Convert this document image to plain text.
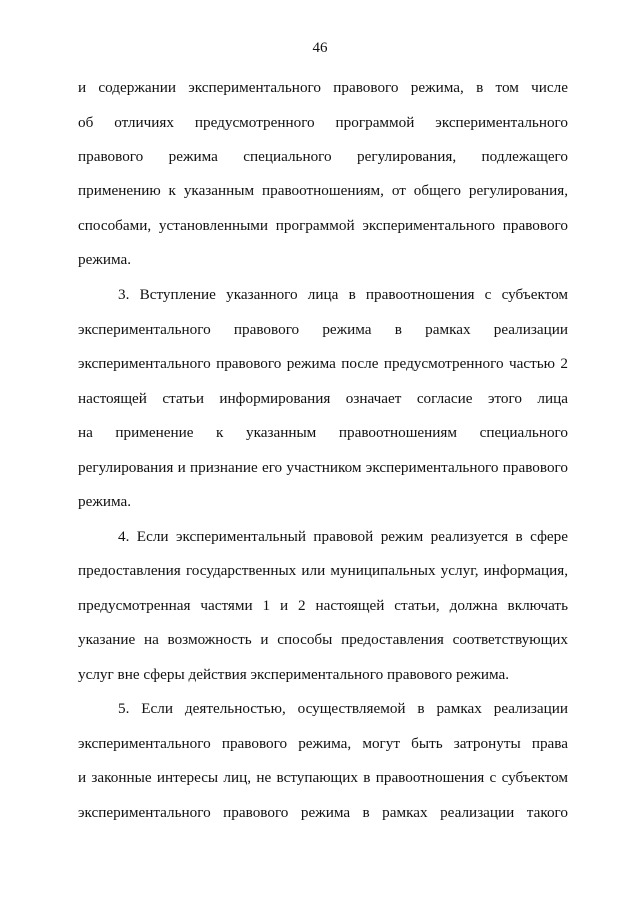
46
и содержании экспериментального правового режима, в том числе
об отличиях предусмотренного программой экспериментального
правового режима специального регулирования, подлежащего
применению к указанным правоотношениям, от общего регулирования,
способами, установленными программой экспериментального правового
режима.
3. Вступление указанного лица в правоотношения с субъектом
экспериментального правового режима в рамках реализации
экспериментального правового режима после предусмотренного частью 2
настоящей статьи информирования означает согласие этого лица
на применение к указанным правоотношениям специального
регулирования и признание его участником экспериментального правового
режима.
4. Если экспериментальный правовой режим реализуется в сфере
предоставления государственных или муниципальных услуг, информация,
предусмотренная частями 1 и 2 настоящей статьи, должна включать
указание на возможность и способы предоставления соответствующих
услуг вне сферы действия экспериментального правового режима.
5. Если деятельностью, осуществляемой в рамках реализации
экспериментального правового режима, могут быть затронуты права
и законные интересы лиц, не вступающих в правоотношения с субъектом
экспериментального правового режима в рамках реализации такого
